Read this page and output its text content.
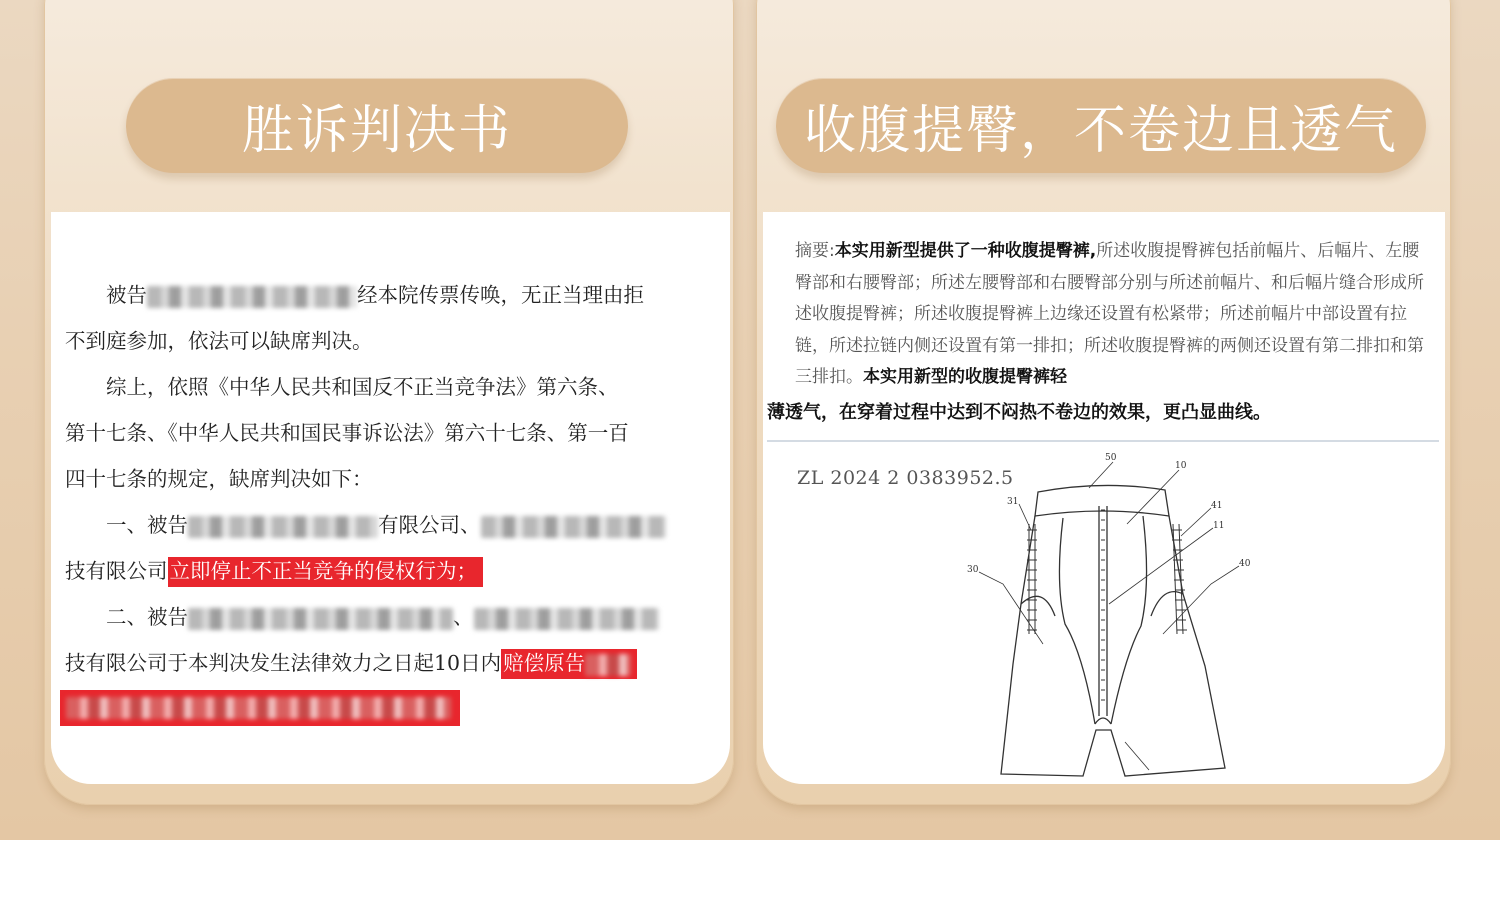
胜诉判决书

被告	经本院传票传唤，无正当理由拒

不到庭参加，依法可以缺席判决。

综上，依照《中华人民共和国反不正当竞争法》第六条、

第十七条、《中华人民共和国民事诉讼法》第六十七条、第一百

四十七条的规定，缺席判决如下：

一、被告	有限公司、

技有限公司立即停止不正当竞争的侵权行为；

二、被告	、

技有限公司于本判决发生法律效力之日起10日内赔偿原告

收腹提臀，不卷边且透气
摘要:本实用新型提供了一种收腹提臀裤,所述收腹提臀裤包括前幅片、后幅片、左腰臀部和右腰臀部；所述左腰臀部和右腰臀部分别与所述前幅片、和后幅片缝合形成所述收腹提臀裤；所述收腹提臀裤上边缘还设置有松紧带；所述前幅片中部设置有拉链，所述拉链内侧还设置有第一排扣；所述收腹提臀裤的两侧还设置有第二排扣和第三排扣。本实用新型的收腹提臀裤轻
薄透气，在穿着过程中达到不闷热不卷边的效果，更凸显曲线。
ZL 2024 2 0383952.5
50
10
31	41
11
30
40
